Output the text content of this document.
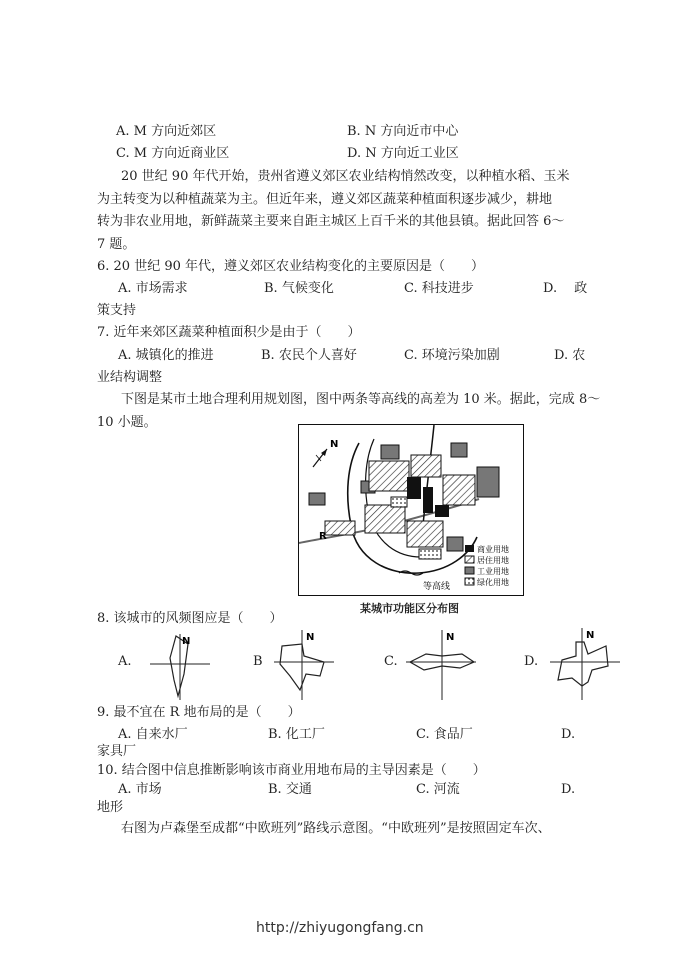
A. M 方向近郊区	B. N 方向近市中心
C. M 方向近商业区	D. N 方向近工业区
20 世纪 90 年代开始，贵州省遵义郊区农业结构悄然改变，以种植水稻、玉米
为主转变为以种植蔬菜为主。但近年来，遵义郊区蔬菜种植面积逐步减少，耕地
转为非农业用地，新鲜蔬菜主要来自距主城区上百千米的其他县镇。据此回答 6～
7 题。
6. 20 世纪 90 年代，遵义郊区农业结构变化的主要原因是（　　）
A. 市场需求	B. 气候变化	C. 科技进步	D.　 政
策支持
7. 近年来郊区蔬菜种植面积少是由于（　　）
A. 城镇化的推进	B. 农民个人喜好	C. 环境污染加剧	D. 农
业结构调整
下图是某市土地合理利用规划图，图中两条等高线的高差为 10 米。据此，完成 8～
10 小题。
N
R
商业用地
居住用地
工业用地
绿化用地
等高线
某城市功能区分布图
8. 该城市的风频图应是（　　）
A.
N
B
N
C.
N
D.
N
9. 最不宜在 R 地布局的是（　　）
A. 自来水厂	B. 化工厂	C. 食品厂	D.
家具厂
10. 结合图中信息推断影响该市商业用地布局的主导因素是（　　）
A. 市场	B. 交通	C. 河流	D.
地形
右图为卢森堡至成都“中欧班列”路线示意图。“中欧班列”是按照固定车次、
http://zhiyugongfang.cn
